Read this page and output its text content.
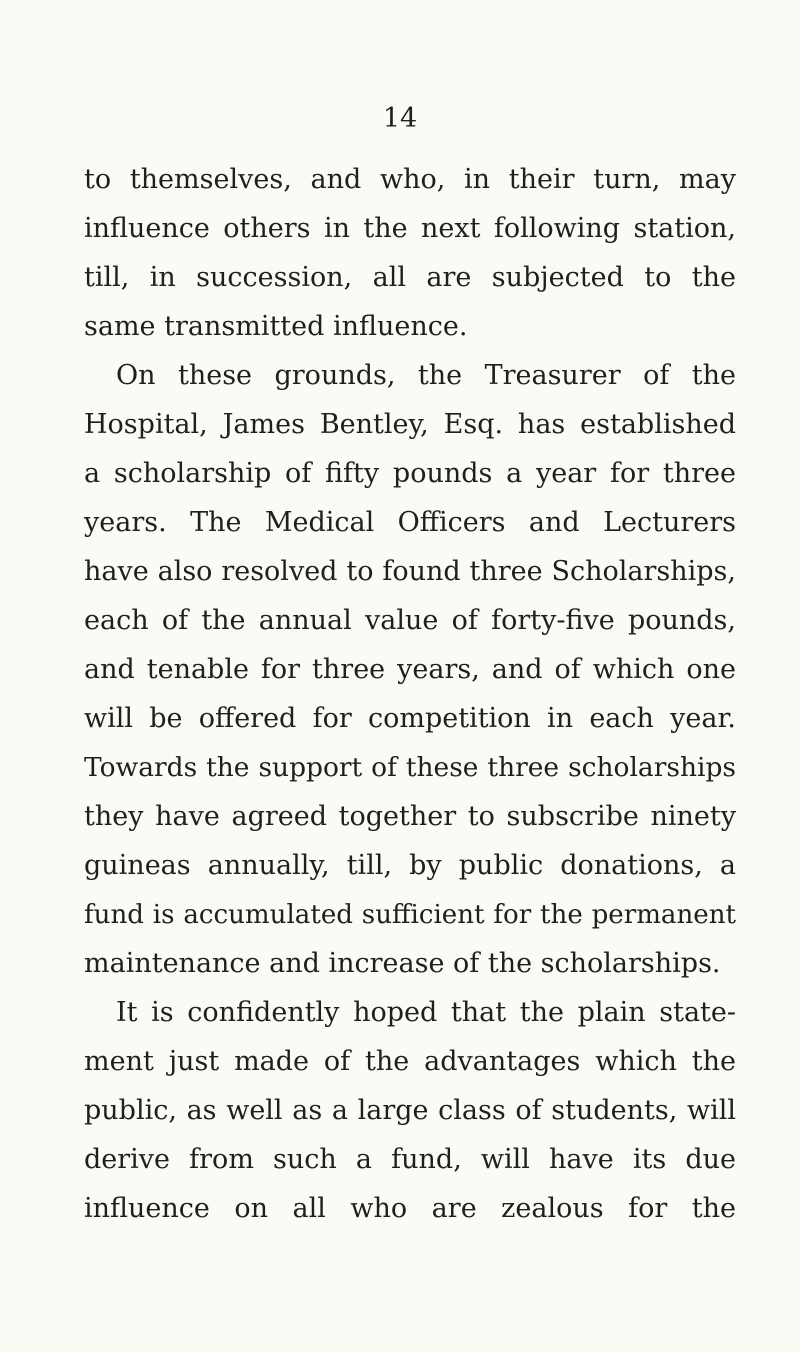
14
to themselves, and who, in their turn, may
influence others in the next following station,
till, in succession, all are subjected to the
same transmitted influence.
On these grounds, the Treasurer of the
Hospital, James Bentley, Esq. has established
a scholarship of fifty pounds a year for three
years. The Medical Officers and Lecturers
have also resolved to found three Scholarships,
each of the annual value of forty-five pounds,
and tenable for three years, and of which one
will be offered for competition in each year.
Towards the support of these three scholarships
they have agreed together to subscribe ninety
guineas annually, till, by public donations, a
fund is accumulated sufficient for the permanent
maintenance and increase of the scholarships.
It is confidently hoped that the plain state-
ment just made of the advantages which the
public, as well as a large class of students, will
derive from such a fund, will have its due
influence on all who are zealous for the
